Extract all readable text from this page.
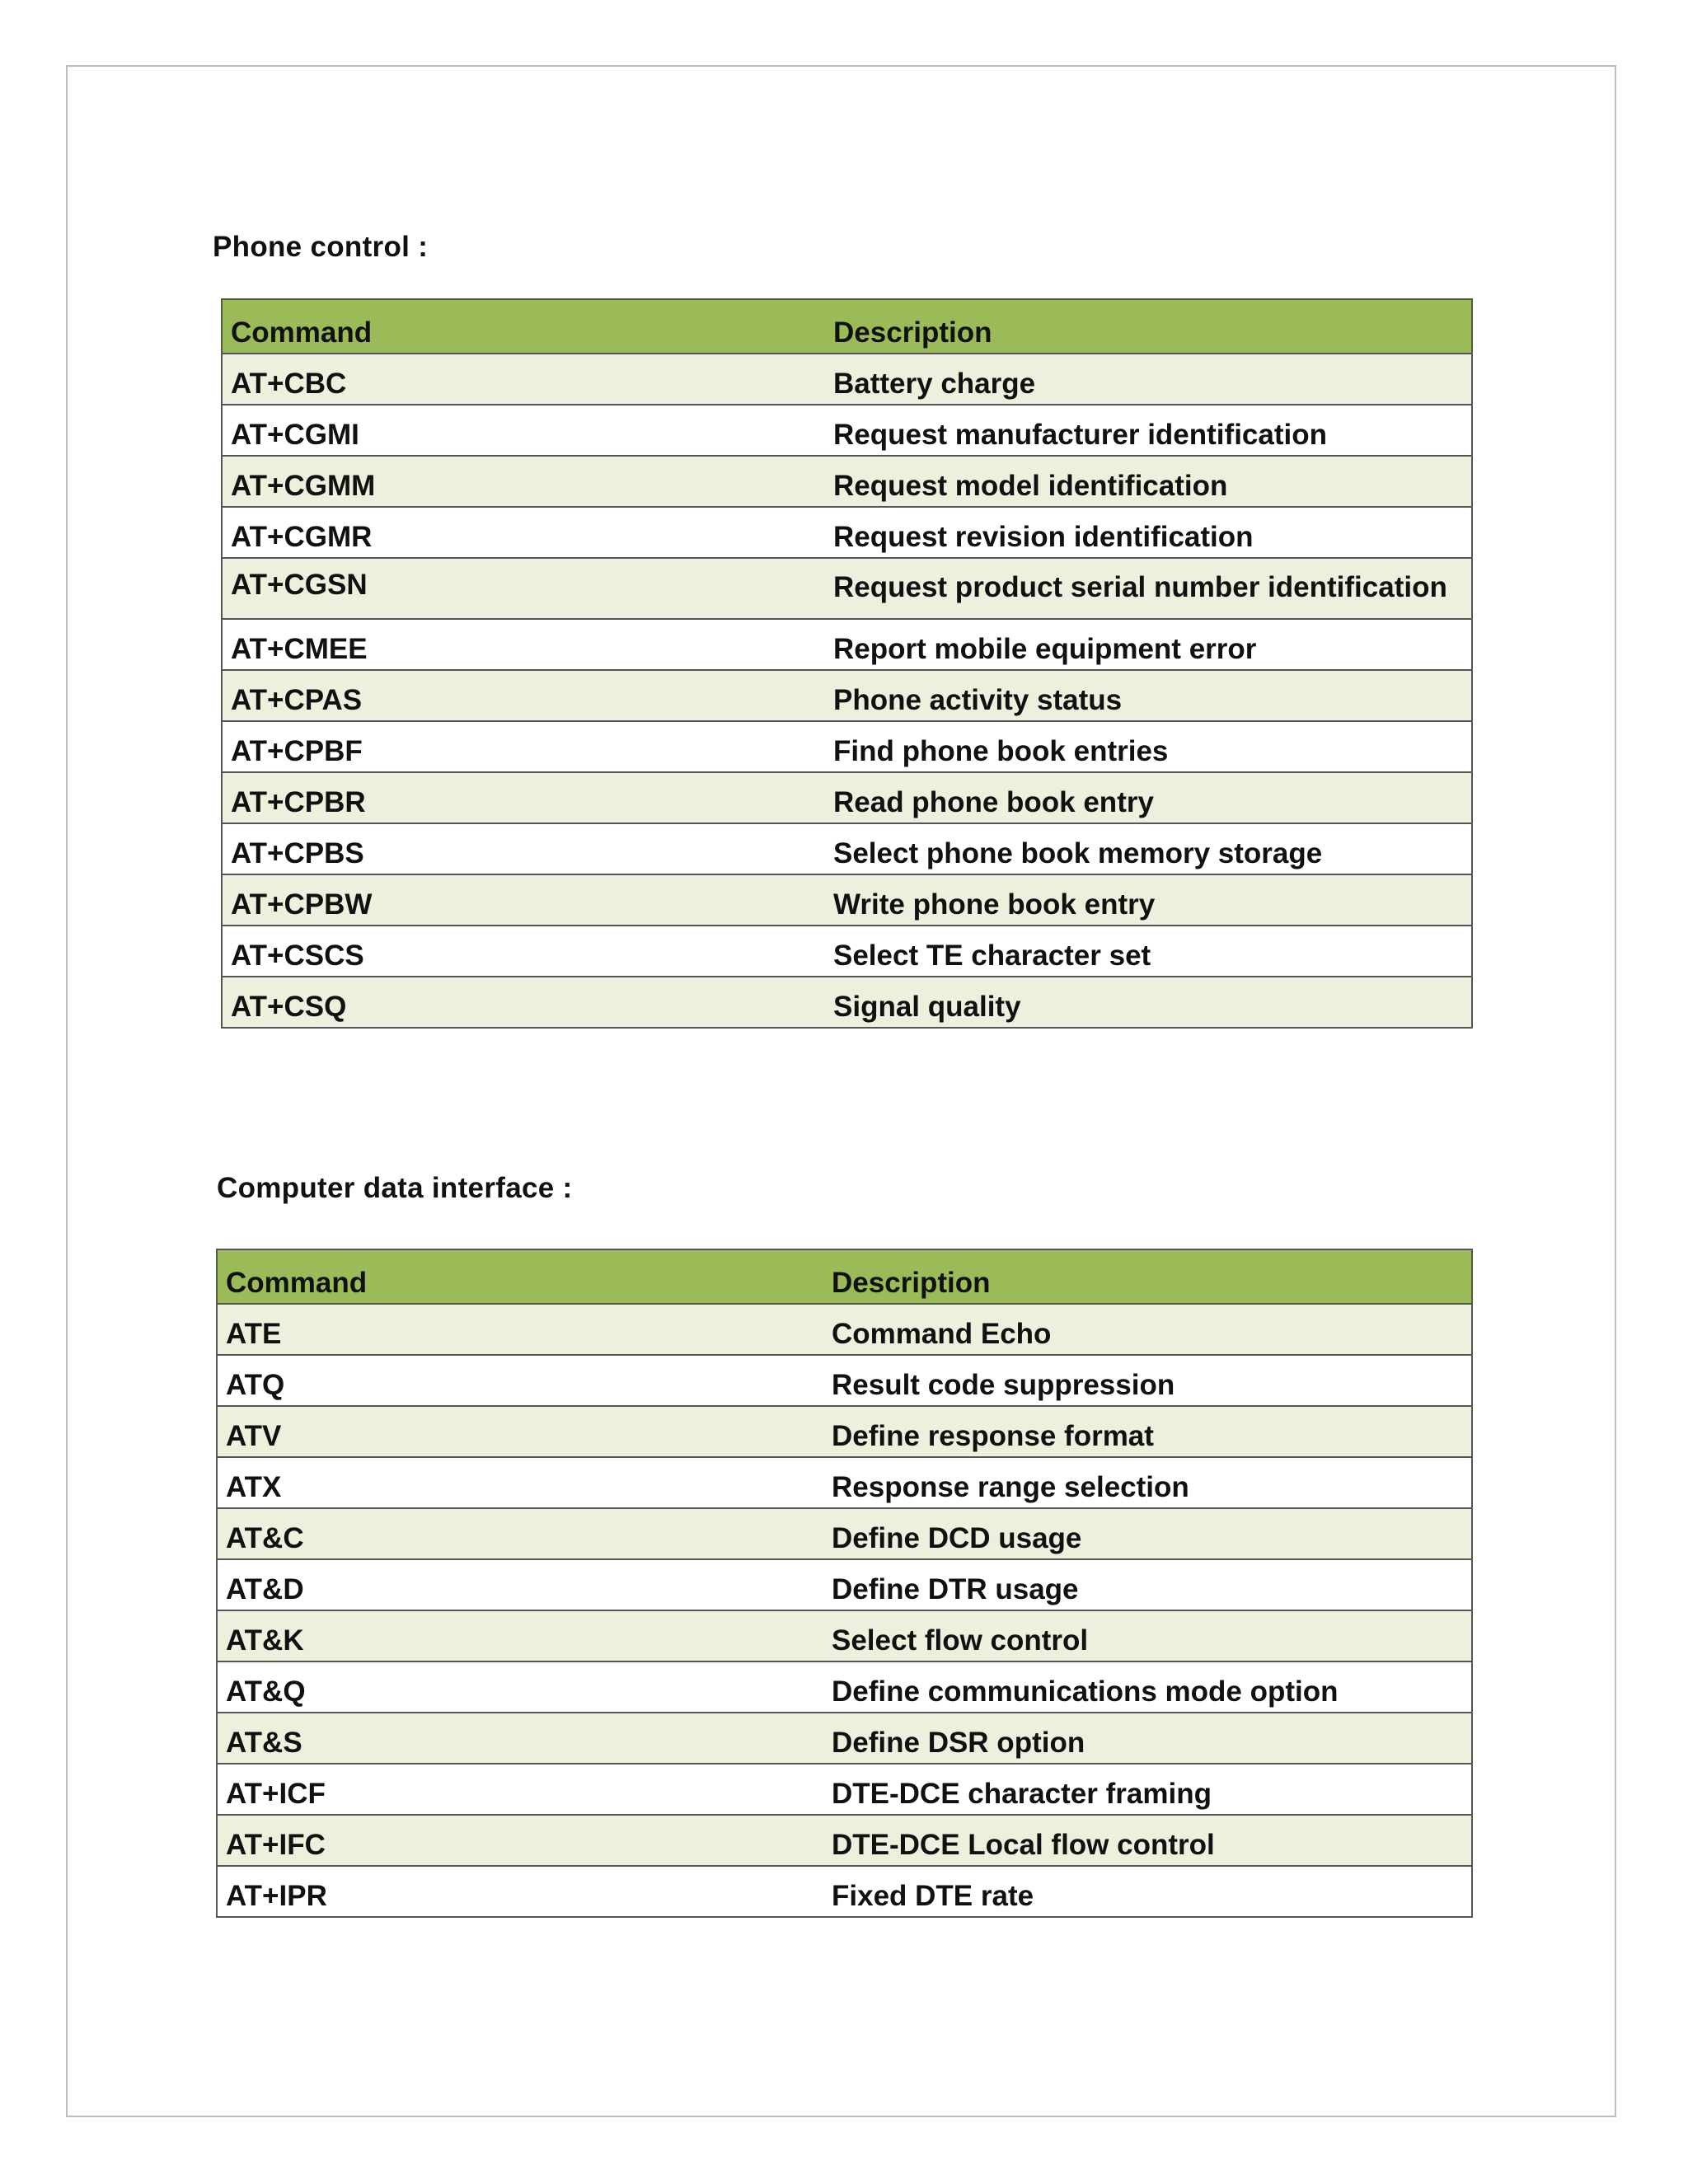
Phone control :
Command	Description
AT+CBC	Battery charge
AT+CGMI	Request manufacturer identification
AT+CGMM	Request model identification
AT+CGMR	Request revision identification
AT+CGSN	Request product serial number identification
AT+CMEE	Report mobile equipment error
AT+CPAS	Phone activity status
AT+CPBF	Find phone book entries
AT+CPBR	Read phone book entry
AT+CPBS	Select phone book memory storage
AT+CPBW	Write phone book entry
AT+CSCS	Select TE character set
AT+CSQ	Signal quality
Computer data interface :
Command	Description
ATE	Command Echo
ATQ	Result code suppression
ATV	Define response format
ATX	Response range selection
AT&C	Define DCD usage
AT&D	Define DTR usage
AT&K	Select flow control
AT&Q	Define communications mode option
AT&S	Define DSR option
AT+ICF	DTE-DCE character framing
AT+IFC	DTE-DCE Local flow control
AT+IPR	Fixed DTE rate
